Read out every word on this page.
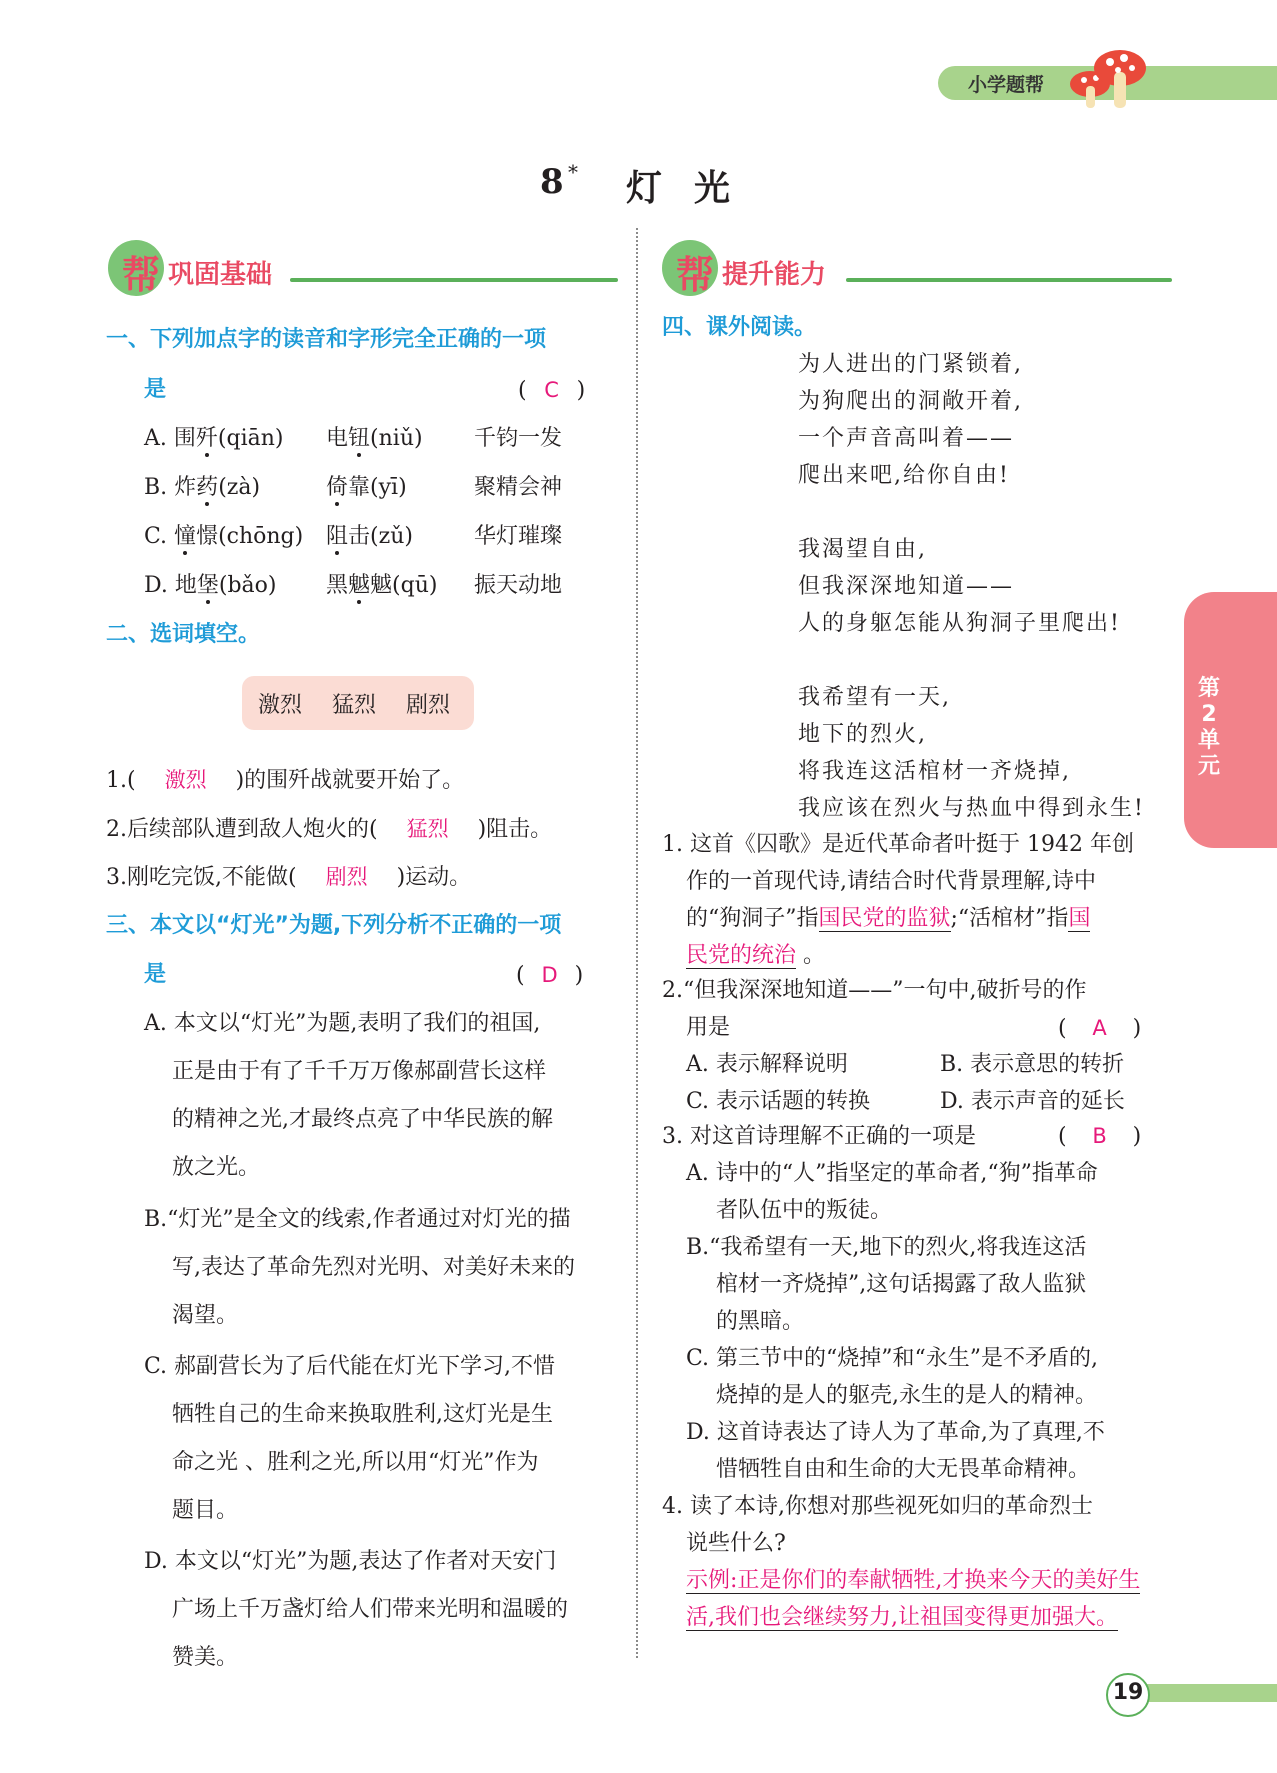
小学题帮
8 * 灯光
帮 巩固基础	帮 提升能力
一、下列加点字的读音和字形完全正确的一项
是	( C )
A. 围歼(qiān) 电钮(niǔ) 千钧一发
B. 炸药(zà)	倚靠(yī)	聚精会神
C. 憧憬(chōng) 阻击(zǔ)	华灯璀璨
D. 地堡(bǎo) 黑魆魆(qū) 振天动地
二、选词填空。
激烈 猛烈 剧烈
1.( 激烈 )的围歼战就要开始了。
2.后续部队遭到敌人炮火的( 猛烈 )阻击。
3.刚吃完饭,不能做( 剧烈 )运动。
三、本文以“灯光”为题,下列分析不正确的一项
是	( D )
A. 本文以“灯光”为题,表明了我们的祖国,
正是由于有了千千万万像郝副营长这样
的精神之光,才最终点亮了中华民族的解
放之光。
B.“灯光”是全文的线索,作者通过对灯光的描
写,表达了革命先烈对光明、对美好未来的
渴望。
C. 郝副营长为了后代能在灯光下学习,不惜
牺牲自己的生命来换取胜利,这灯光是生
命之光 、胜利之光,所以用“灯光”作为
题目。
D. 本文以“灯光”为题,表达了作者对天安门
广场上千万盏灯给人们带来光明和温暖的
赞美。
四、课外阅读。
为人进出的门紧锁着,
为狗爬出的洞敞开着,
一个声音高叫着——
爬出来吧,给你自由!
我渴望自由,
但我深深地知道——
人的身躯怎能从狗洞子里爬出!
我希望有一天,
地下的烈火,
将我连这活棺材一齐烧掉,
我应该在烈火与热血中得到永生!
1. 这首《囚歌》是近代革命者叶挺于 1942 年创
作的一首现代诗,请结合时代背景理解,诗中
的“狗洞子”指国民党的监狱;“活棺材”指国
民党的统治 。
2.“但我深深地知道——”一句中,破折号的作
用是
A. 表示解释说明	B. 表示意思的转折
C. 表示话题的转换	D. 表示声音的延长
( A )
3. 对这首诗理解不正确的一项是
A. 诗中的“人”指坚定的革命者,“狗”指革命
者队伍中的叛徒。
B.“我希望有一天,地下的烈火,将我连这活
棺材一齐烧掉”,这句话揭露了敌人监狱
的黑暗。
C. 第三节中的“烧掉”和“永生”是不矛盾的,
烧掉的是人的躯壳,永生的是人的精神。
D. 这首诗表达了诗人为了革命,为了真理,不
惜牺牲自由和生命的大无畏革命精神。
( B )
4. 读了本诗,你想对那些视死如归的革命烈士
说些什么?
示例:正是你们的奉献牺牲,才换来今天的美好生
活,我们也会继续努力,让祖国变得更加强大。
第
2
单
元
19
